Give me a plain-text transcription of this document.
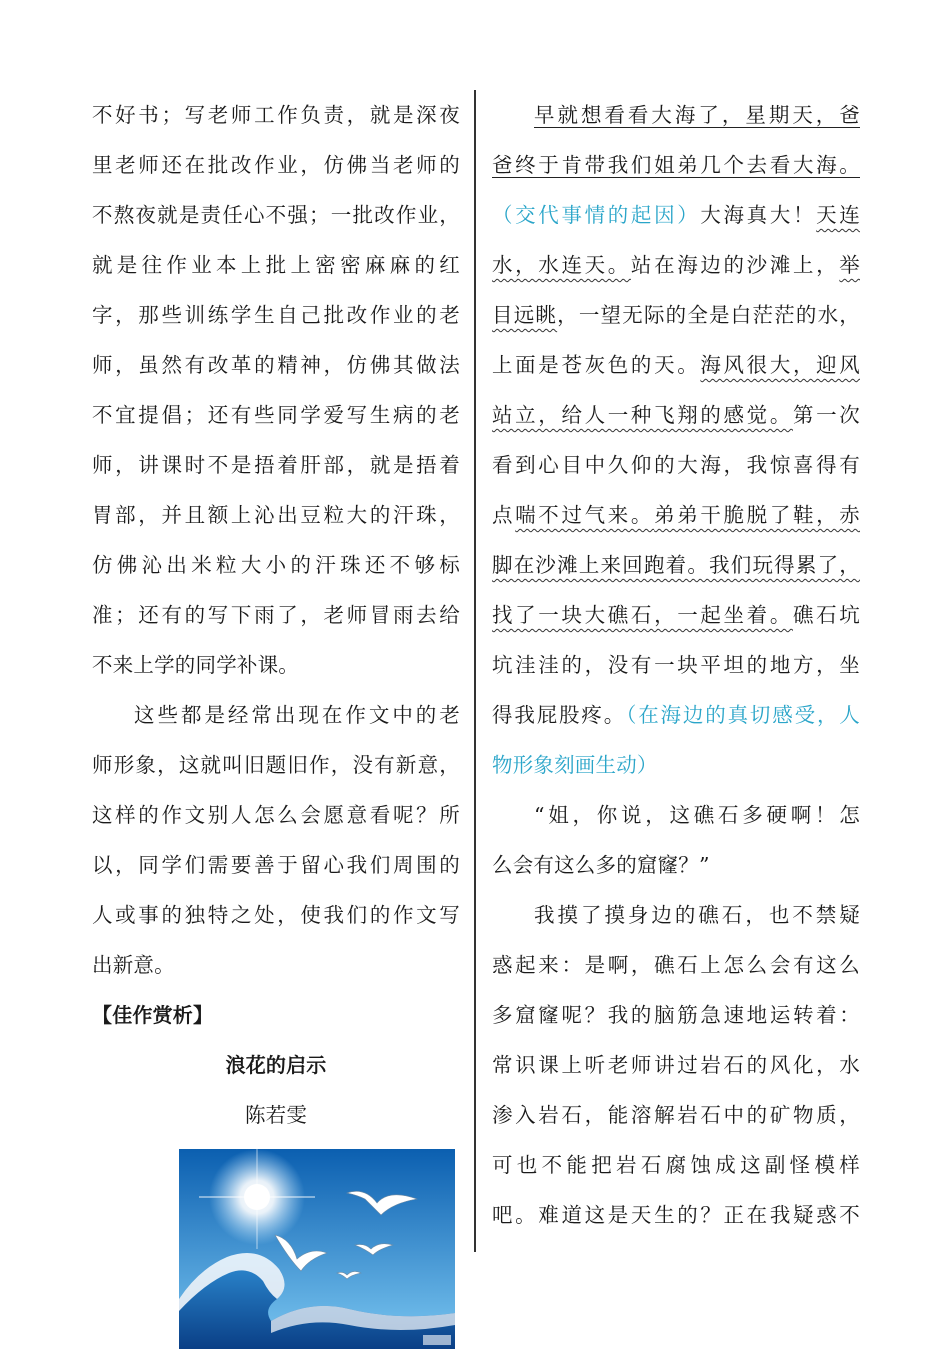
不好书；写老师工作负责，就是深夜
里老师还在批改作业，仿佛当老师的
不熬夜就是责任心不强；一批改作业，
就是往作业本上批上密密麻麻的红
字，那些训练学生自己批改作业的老
师，虽然有改革的精神，仿佛其做法
不宜提倡；还有些同学爱写生病的老
师，讲课时不是捂着肝部，就是捂着
胃部，并且额上沁出豆粒大的汗珠，
仿佛沁出米粒大小的汗珠还不够标
准；还有的写下雨了，老师冒雨去给
不来上学的同学补课。
这些都是经常出现在作文中的老
师形象，这就叫旧题旧作，没有新意，
这样的作文别人怎么会愿意看呢？所
以，同学们需要善于留心我们周围的
人或事的独特之处，使我们的作文写
出新意。
【佳作赏析】
浪花的启示
陈若雯
早就想看看大海了，星期天，爸
爸终于肯带我们姐弟几个去看大海。
（交代事情的起因）大海真大！天连
水，水连天。站在海边的沙滩上，举
目远眺，一望无际的全是白茫茫的水，
上面是苍灰色的天。海风很大，迎风
站立，给人一种飞翔的感觉。第一次
看到心目中久仰的大海，我惊喜得有
点喘不过气来。弟弟干脆脱了鞋，赤
脚在沙滩上来回跑着。我们玩得累了，
找了一块大礁石，一起坐着。礁石坑
坑洼洼的，没有一块平坦的地方，坐
得我屁股疼。（在海边的真切感受，人
物形象刻画生动）
“姐，你说，这礁石多硬啊！怎
么会有这么多的窟窿？”
我摸了摸身边的礁石，也不禁疑
惑起来：是啊，礁石上怎么会有这么
多窟窿呢？我的脑筋急速地运转着：
常识课上听老师讲过岩石的风化，水
渗入岩石，能溶解岩石中的矿物质，
可也不能把岩石腐蚀成这副怪模样
吧。难道这是天生的？正在我疑惑不
